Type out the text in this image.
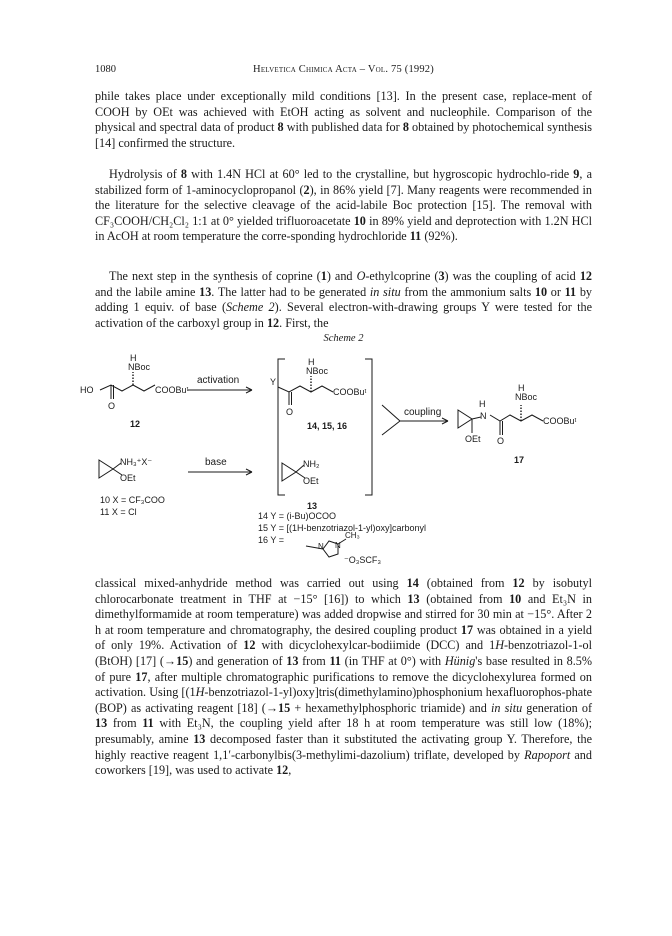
1080	Helvetica Chimica Acta – Vol. 75 (1992)

phile takes place under exceptionally mild conditions [13]. In the present case, replace-ment of COOH by OEt was achieved with EtOH acting as solvent and nucleophile. Comparison of the physical and spectral data of product 8 with published data for 8 obtained by photochemical synthesis [14] confirmed the structure.

Hydrolysis of 8 with 1.4N HCl at 60° led to the crystalline, but hygroscopic hydrochlo-ride 9, a stabilized form of 1-aminocyclopropanol (2), in 86% yield [7]. Many reagents were recommended in the literature for the selective cleavage of the acid-labile Boc protection [15]. The removal with CF₃COOH/CH₂Cl₂ 1:1 at 0° yielded trifluoroacetate 10 in 89% yield and deprotection with 1.2N HCl in AcOH at room temperature the corre-sponding hydrochloride 11 (92%).

The next step in the synthesis of coprine (1) and O-ethylcoprine (3) was the coupling of acid 12 and the labile amine 13. The latter had to be generated in situ from the ammonium salts 10 or 11 by adding 1 equiv. of base (Scheme 2). Several electron-with-drawing groups Y were tested for the activation of the carboxyl group in 12. First, the

Scheme 2
H
NBoc
HO
O
COOBuᵗ
12
activation
H
NBoc
Y
O
COOBuᵗ
14, 15, 16
NH₃⁺X⁻
OEt
base
10 X = CF₃COO
11 X = Cl
NH₂
OEt
13
coupling
H
N
OEt O
H
NBoc
COOBuᵗ
17
14 Y = (i-Bu)OCOO
15 Y = [(1H-benzotriazol-1-yl)oxy]carbonyl
16 Y =
N N
CH₃
⁻O₃SCF₃

classical mixed-anhydride method was carried out using 14 (obtained from 12 by isobutyl chlorocarbonate treatment in THF at −15° [16]) to which 13 (obtained from 10 and Et₃N in dimethylformamide at room temperature) was added dropwise and stirred for 30 min at −15°. After 2 h at room temperature and chromatography, the desired coupling product 17 was obtained in a yield of only 19%. Activation of 12 with dicyclohexylcar-bodiimide (DCC) and 1H-benzotriazol-1-ol (BtOH) [17] (→15) and generation of 13 from 11 (in THF at 0°) with Hünig's base resulted in 8.5% of pure 17, after multiple chromatographic purifications to remove the dicyclohexylurea formed on activation. Using [(1H-benzotriazol-1-yl)oxy]tris(dimethylamino)phosphonium hexafluorophos-phate (BOP) as activating reagent [18] (→15 + hexamethylphosphoric triamide) and in situ generation of 13 from 11 with Et₃N, the coupling yield after 18 h at room temperature was still low (18%); presumably, amine 13 decomposed faster than it substituted the activating group Y. Therefore, the highly reactive reagent 1,1′-carbonylbis(3-methylimi-dazolium) triflate, developed by Rapoport and coworkers [19], was used to activate 12,
